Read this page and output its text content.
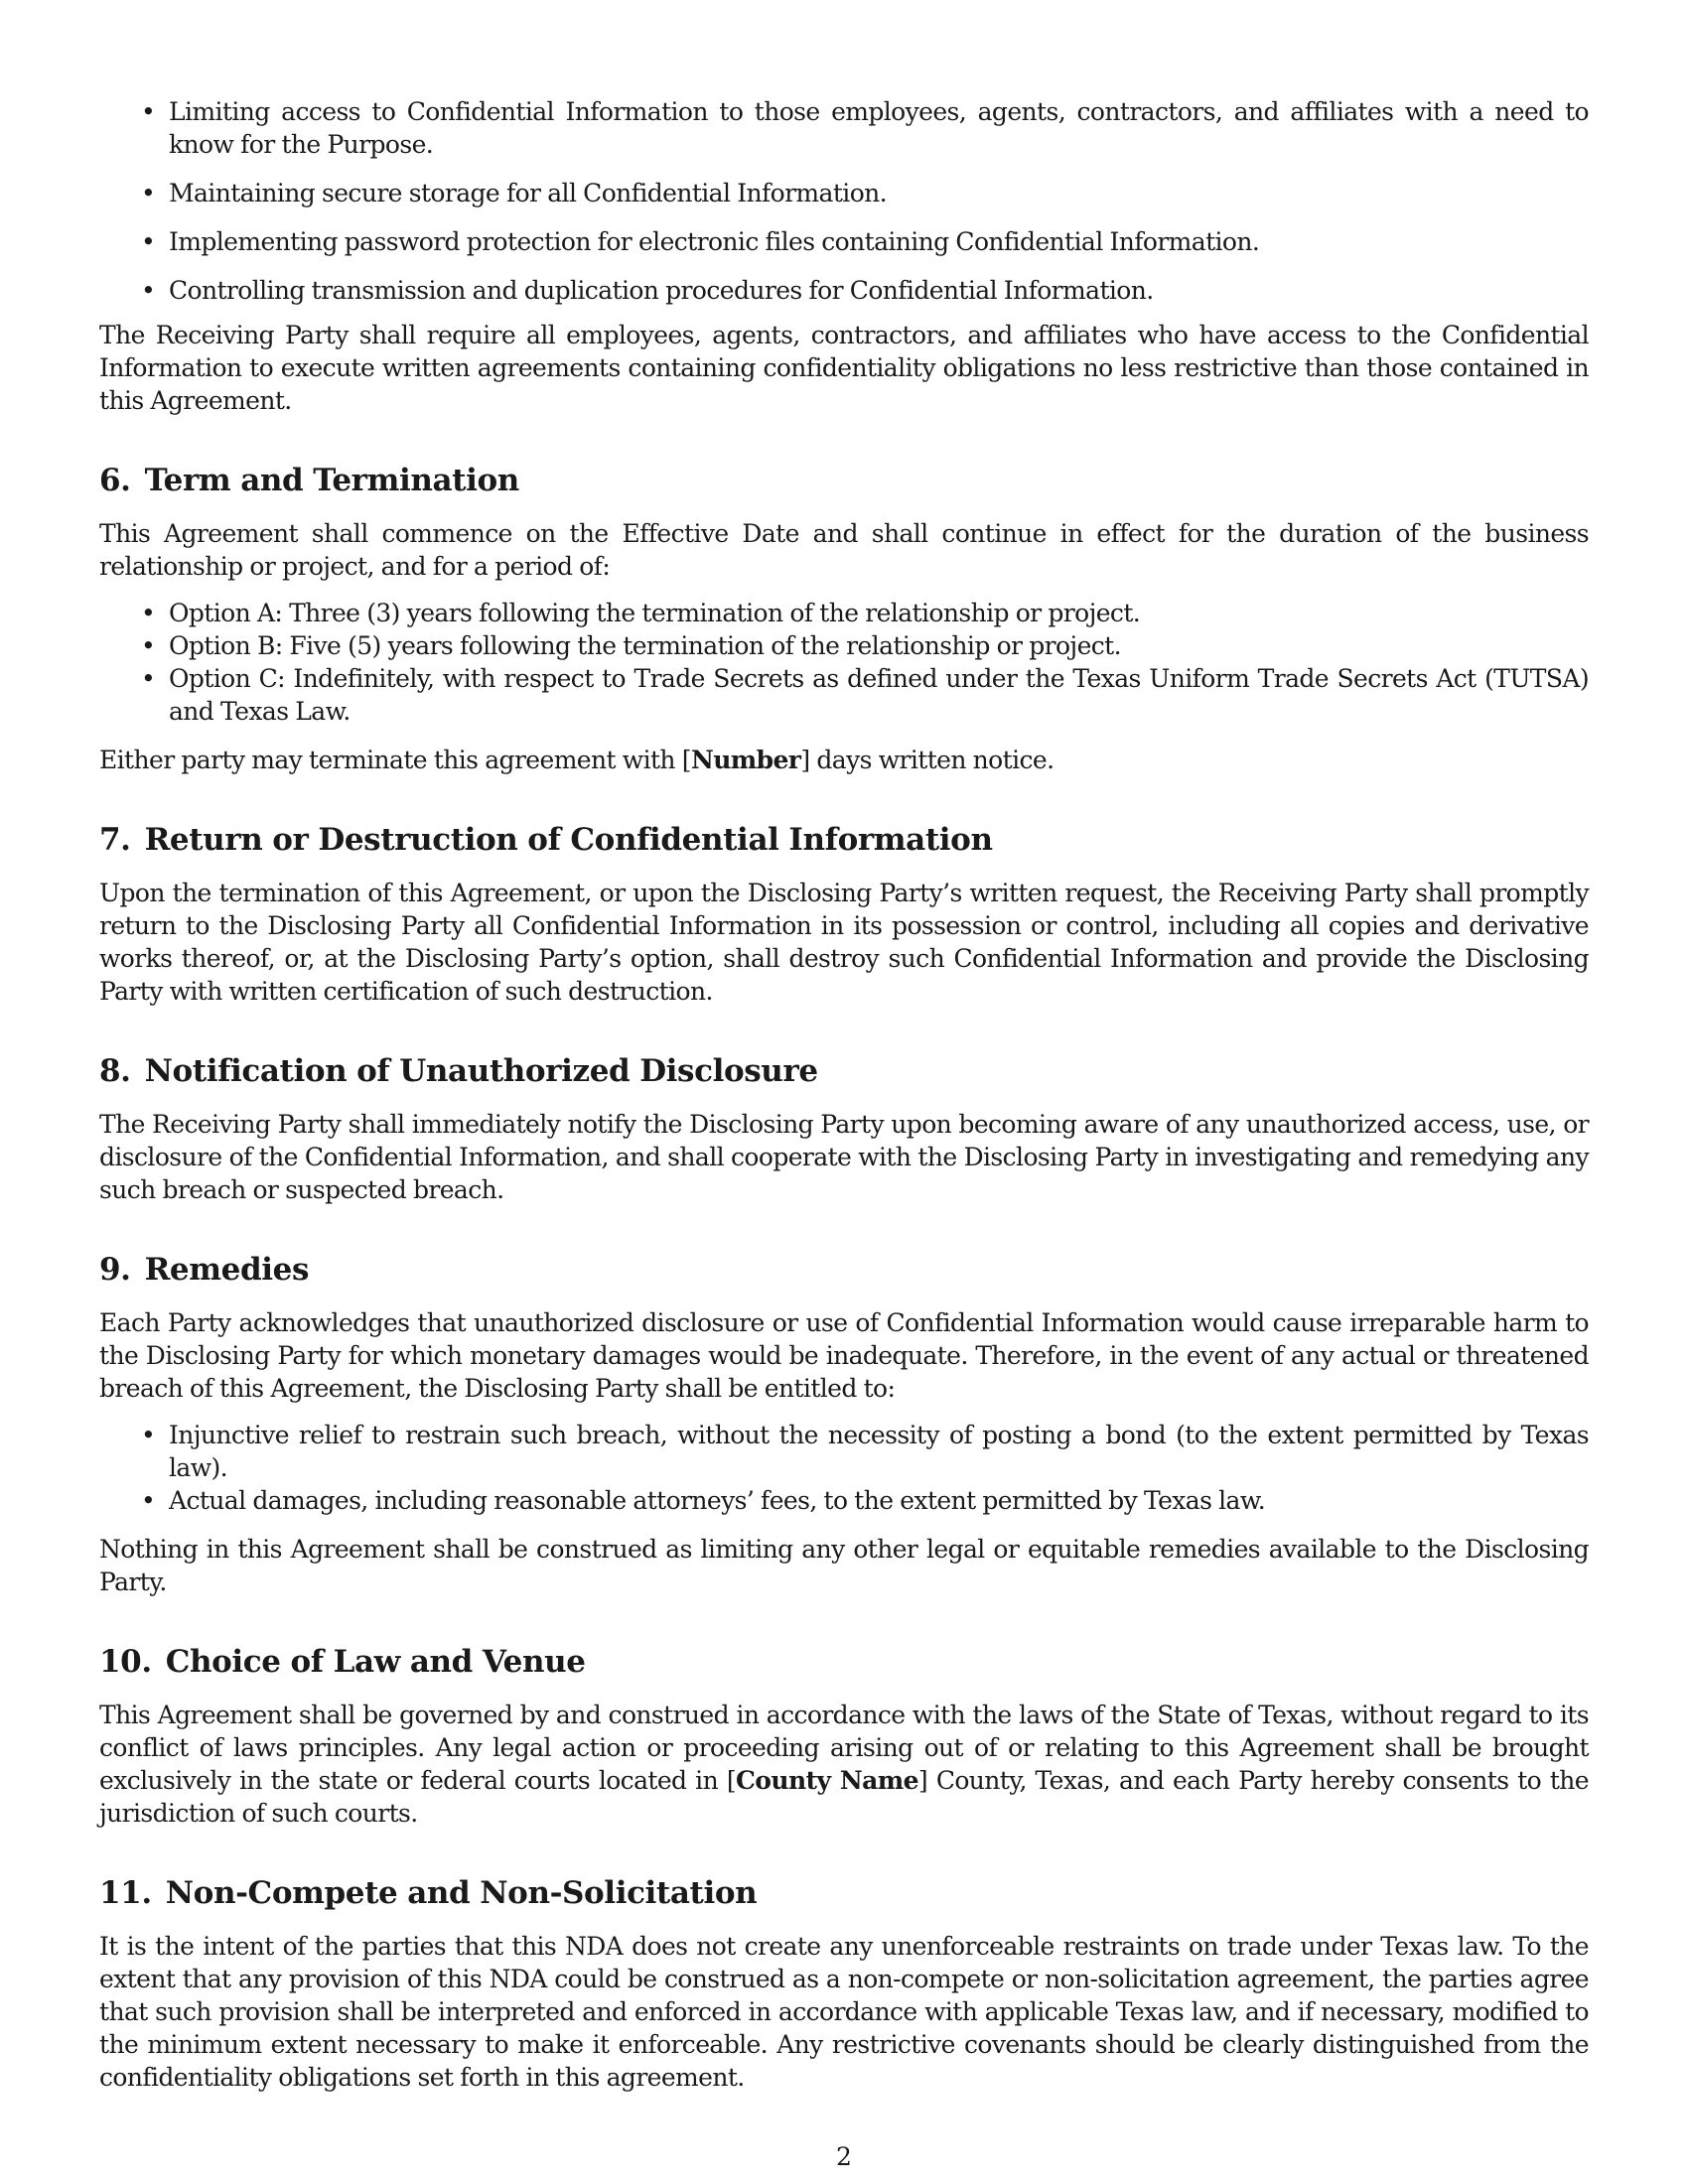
• Limiting access to Confidential Information to those employees, agents, contractors, and affiliates with a need to know for the Purpose.
• Maintaining secure storage for all Confidential Information.
• Implementing password protection for electronic files containing Confidential Information.
• Controlling transmission and duplication procedures for Confidential Information.

The Receiving Party shall require all employees, agents, contractors, and affiliates who have access to the Confidential Information to execute written agreements containing confidentiality obligations no less restrictive than those contained in this Agreement.

6. Term and Termination

This Agreement shall commence on the Effective Date and shall continue in effect for the duration of the business relationship or project, and for a period of:

• Option A: Three (3) years following the termination of the relationship or project.
• Option B: Five (5) years following the termination of the relationship or project.
• Option C: Indefinitely, with respect to Trade Secrets as defined under the Texas Uniform Trade Secrets Act (TUTSA) and Texas Law.

Either party may terminate this agreement with [Number] days written notice.

7. Return or Destruction of Confidential Information

Upon the termination of this Agreement, or upon the Disclosing Party’s written request, the Receiving Party shall promptly return to the Disclosing Party all Confidential Information in its possession or control, including all copies and derivative works thereof, or, at the Disclosing Party’s option, shall destroy such Confidential Information and provide the Disclosing Party with written certification of such destruction.

8. Notification of Unauthorized Disclosure

The Receiving Party shall immediately notify the Disclosing Party upon becoming aware of any unauthorized access, use, or disclosure of the Confidential Information, and shall cooperate with the Disclosing Party in investigating and remedying any such breach or suspected breach.

9. Remedies

Each Party acknowledges that unauthorized disclosure or use of Confidential Information would cause irreparable harm to the Disclosing Party for which monetary damages would be inadequate. Therefore, in the event of any actual or threatened breach of this Agreement, the Disclosing Party shall be entitled to:

• Injunctive relief to restrain such breach, without the necessity of posting a bond (to the extent permitted by Texas law).
• Actual damages, including reasonable attorneys’ fees, to the extent permitted by Texas law.

Nothing in this Agreement shall be construed as limiting any other legal or equitable remedies available to the Disclosing Party.

10. Choice of Law and Venue

This Agreement shall be governed by and construed in accordance with the laws of the State of Texas, without regard to its conflict of laws principles. Any legal action or proceeding arising out of or relating to this Agreement shall be brought exclusively in the state or federal courts located in [County Name] County, Texas, and each Party hereby consents to the jurisdiction of such courts.

11. Non-Compete and Non-Solicitation

It is the intent of the parties that this NDA does not create any unenforceable restraints on trade under Texas law. To the extent that any provision of this NDA could be construed as a non-compete or non-solicitation agreement, the parties agree that such provision shall be interpreted and enforced in accordance with applicable Texas law, and if necessary, modified to the minimum extent necessary to make it enforceable. Any restrictive covenants should be clearly distinguished from the confidentiality obligations set forth in this agreement.

2
